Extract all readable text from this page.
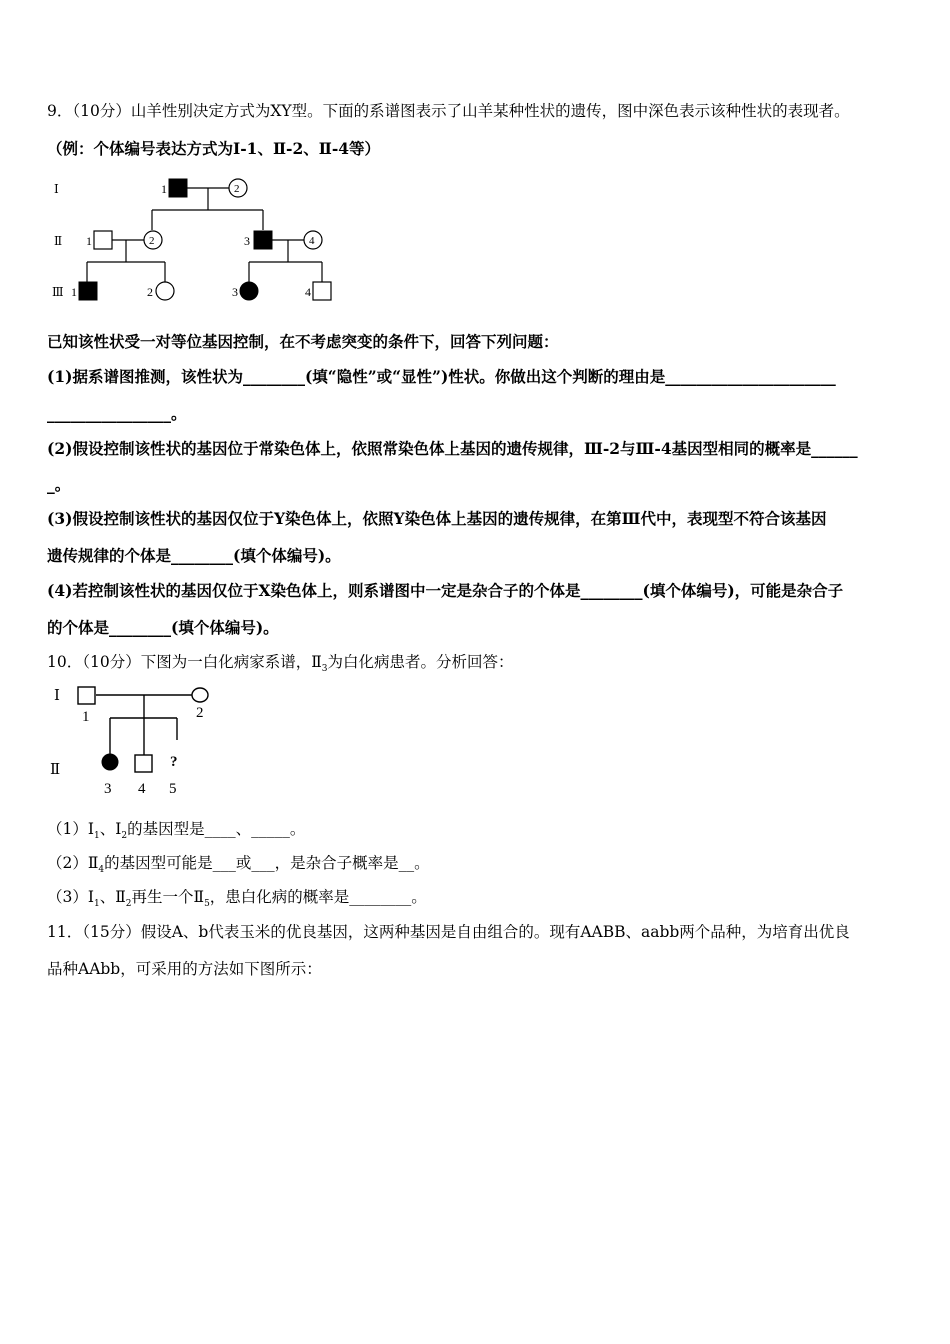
9．（10分）山羊性别决定方式为XY型。下面的系谱图表示了山羊某种性状的遗传，图中深色表示该种性状的表现者。
（例：个体编号表达方式为Ⅰ-1、Ⅱ-2、Ⅱ-4等）
Ⅰ
Ⅱ
Ⅲ
1	2
1	2	3	4
1	2	3	4
已知该性状受一对等位基因控制，在不考虑突变的条件下，回答下列问题：
(1)据系谱图推测，该性状为________(填“隐性”或“显性”)性状。你做出这个判断的理由是______________________
________________。
(2)假设控制该性状的基因位于常染色体上，依照常染色体上基因的遗传规律，Ⅲ-2与Ⅲ-4基因型相同的概率是______
_。
(3)假设控制该性状的基因仅位于Y染色体上，依照Y染色体上基因的遗传规律，在第Ⅲ代中，表现型不符合该基因
遗传规律的个体是________(填个体编号)。
(4)若控制该性状的基因仅位于X染色体上，则系谱图中一定是杂合子的个体是________(填个体编号)，可能是杂合子
的个体是________(填个体编号)。
10．（10分）下图为一白化病家系谱，$Ⅱ_3$为白化病患者。分析回答：
Ⅰ
Ⅱ
1	2
?
3 4 5
$(1)Ⅰ_1$、$Ⅰ_2$的基因型是____、_____。
$(2)Ⅱ_4$的基因型可能是___或___，是杂合子概率是__。
$(3)Ⅰ_1$、$Ⅱ_2$再生一个$Ⅱ_5$，患白化病的概率是________。
11．（15分）假设A、b代表玉米的优良基因，这两种基因是自由组合的。现有AABB、aabb两个品种，为培育出优良
品种AAbb，可采用的方法如下图所示：
